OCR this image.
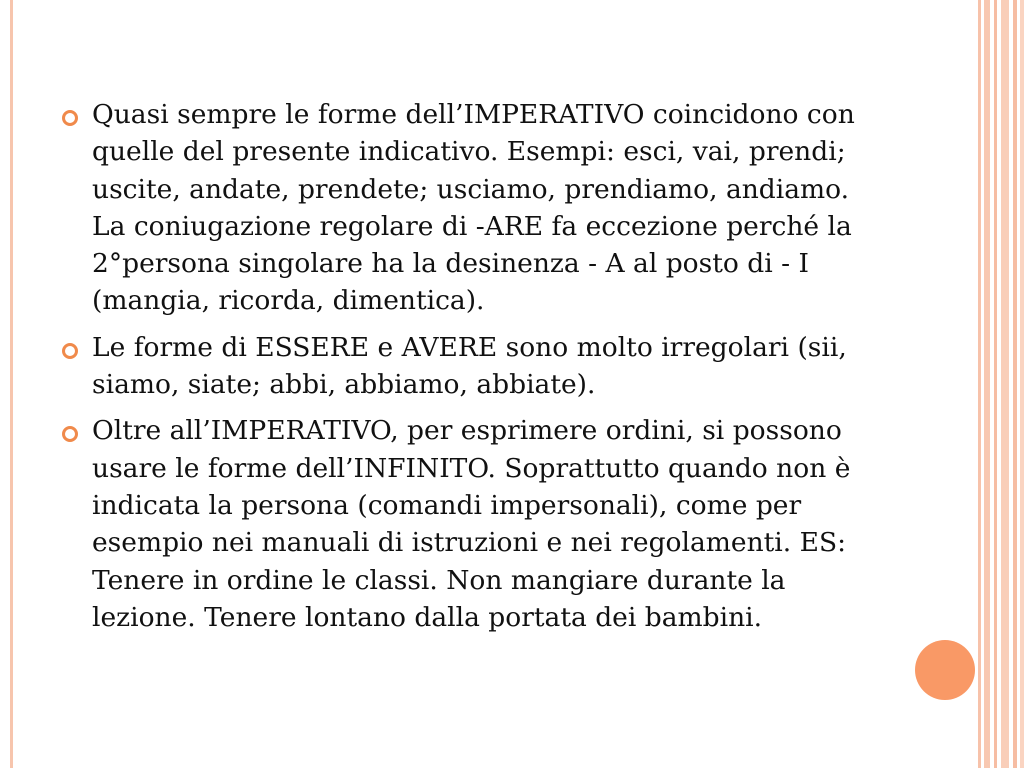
Quasi sempre le forme dell’IMPERATIVO coincidono con quelle del presente indicativo. Esempi: esci, vai, prendi; uscite, andate, prendete; usciamo, prendiamo, andiamo. La coniugazione regolare di -ARE fa eccezione perché la 2°persona singolare ha la desinenza - A al posto di - I (mangia, ricorda, dimentica).
Le forme di ESSERE e AVERE sono molto irregolari (sii, siamo, siate; abbi, abbiamo, abbiate).
Oltre all’IMPERATIVO, per esprimere ordini, si possono usare le forme dell’INFINITO. Soprattutto quando non è indicata la persona (comandi impersonali), come per esempio nei manuali di istruzioni e nei regolamenti. ES: Tenere in ordine le classi. Non mangiare durante la lezione. Tenere lontano dalla portata dei bambini.
